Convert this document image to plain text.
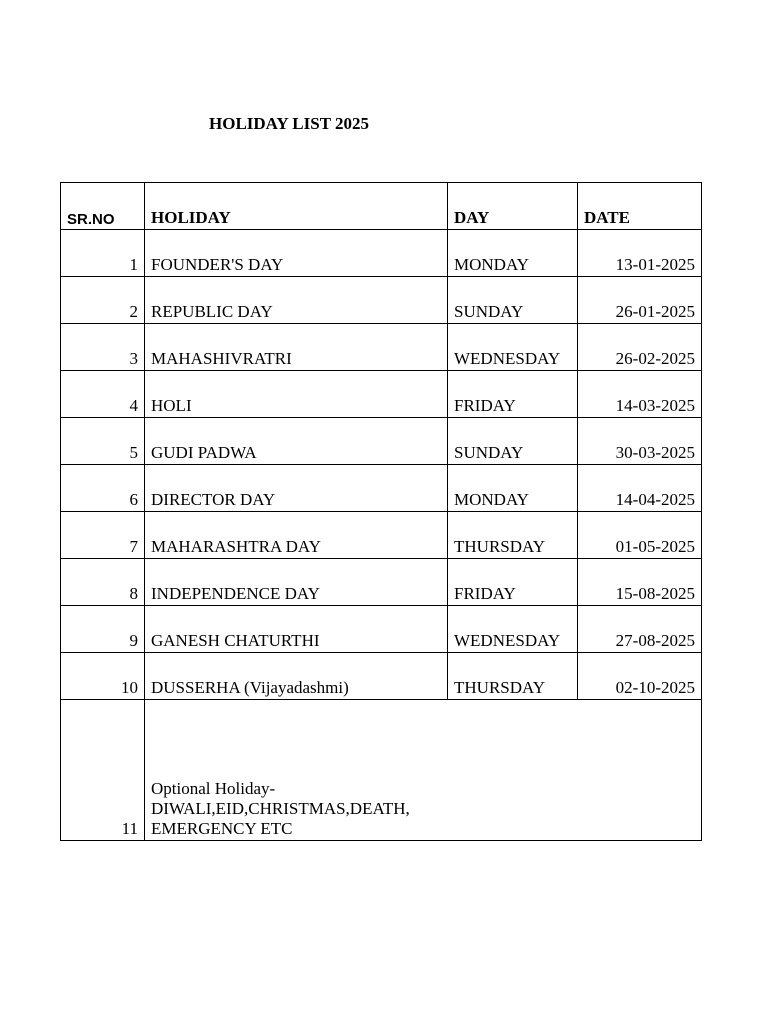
HOLIDAY LIST 2025
SR.NO	HOLIDAY	DAY	DATE
1	FOUNDER'S DAY	MONDAY	13-01-2025
2	REPUBLIC DAY	SUNDAY	26-01-2025
3	MAHASHIVRATRI	WEDNESDAY	26-02-2025
4	HOLI	FRIDAY	14-03-2025
5	GUDI PADWA	SUNDAY	30-03-2025
6	DIRECTOR DAY	MONDAY	14-04-2025
7	MAHARASHTRA DAY	THURSDAY	01-05-2025
8	INDEPENDENCE DAY	FRIDAY	15-08-2025
9	GANESH CHATURTHI	WEDNESDAY	27-08-2025
10	DUSSERHA (Vijayadashmi)	THURSDAY	02-10-2025
11	Optional Holiday-
DIWALI,EID,CHRISTMAS,DEATH,
EMERGENCY ETC		
